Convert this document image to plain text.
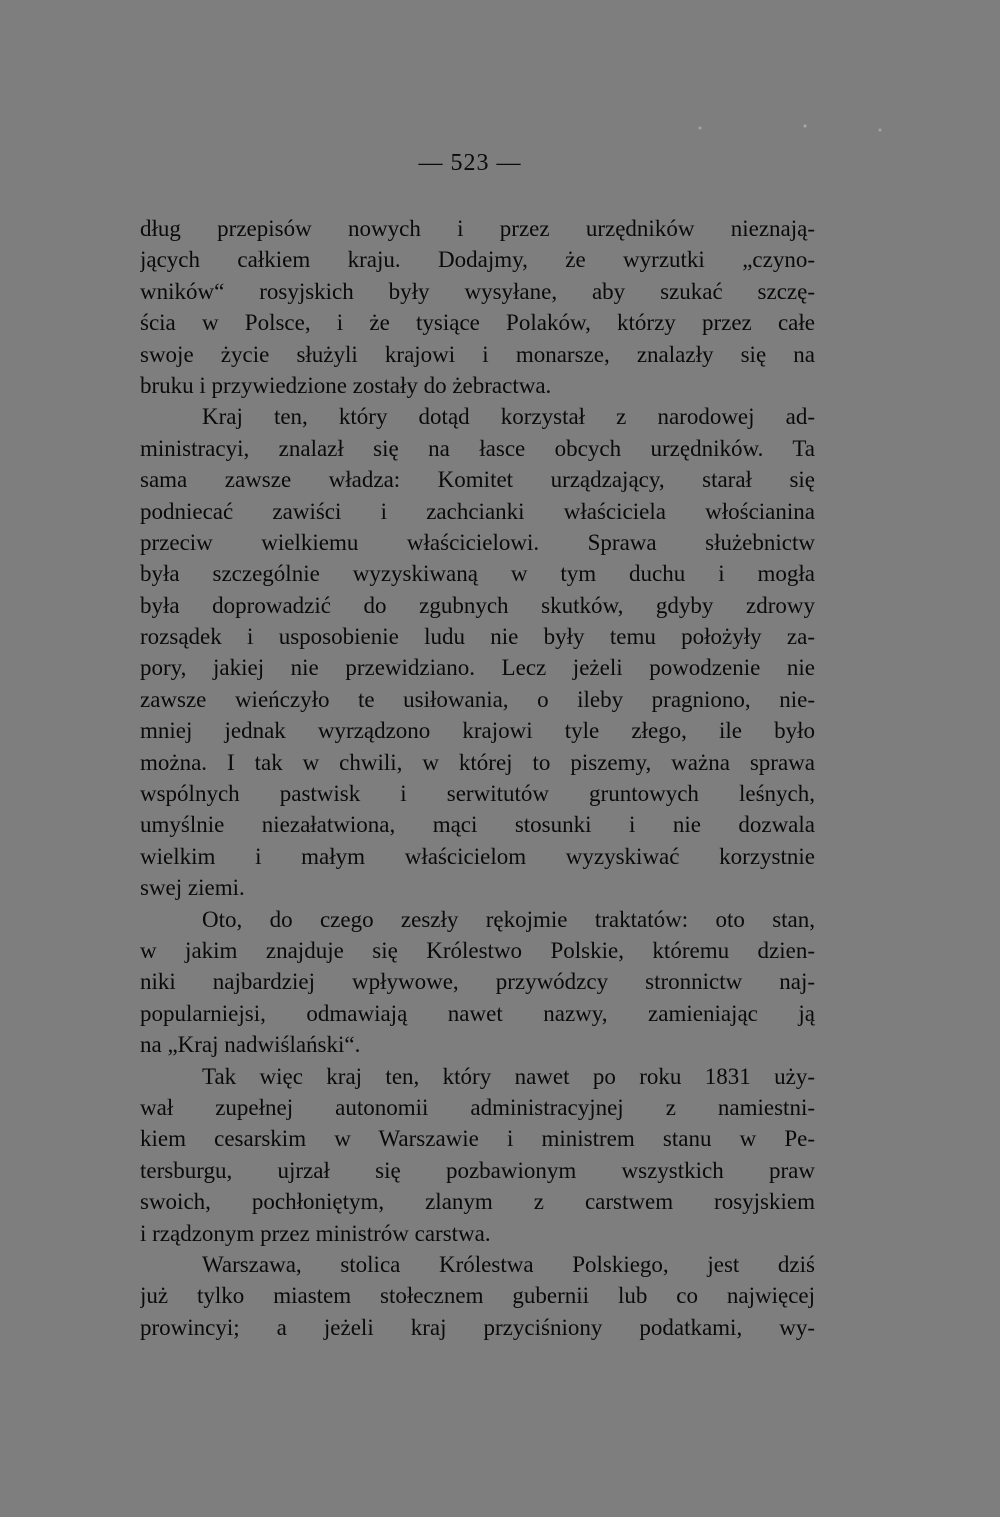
— 523 —
dług przepisów nowych i przez urzędników nieznają-
jących całkiem kraju. Dodajmy, że wyrzutki „czyno-
wników“ rosyjskich były wysyłane, aby szukać szczę-
ścia w Polsce, i że tysiące Polaków, którzy przez całe
swoje życie służyli krajowi i monarsze, znalazły się na
bruku i przywiedzione zostały do żebractwa.
Kraj ten, który dotąd korzystał z narodowej ad-
ministracyi, znalazł się na łasce obcych urzędników. Ta
sama zawsze władza: Komitet urządzający, starał się
podniecać zawiści i zachcianki właściciela włościanina
przeciw wielkiemu właścicielowi. Sprawa służebnictw
była szczególnie wyzyskiwaną w tym duchu i mogła
była doprowadzić do zgubnych skutków, gdyby zdrowy
rozsądek i usposobienie ludu nie były temu położyły za-
pory, jakiej nie przewidziano. Lecz jeżeli powodzenie nie
zawsze wieńczyło te usiłowania, o ileby pragniono, nie-
mniej jednak wyrządzono krajowi tyle złego, ile było
można. I tak w chwili, w której to piszemy, ważna sprawa
wspólnych pastwisk i serwitutów gruntowych leśnych,
umyślnie niezałatwiona, mąci stosunki i nie dozwala
wielkim i małym właścicielom wyzyskiwać korzystnie
swej ziemi.
Oto, do czego zeszły rękojmie traktatów: oto stan,
w jakim znajduje się Królestwo Polskie, któremu dzien-
niki najbardziej wpływowe, przywódzcy stronnictw naj-
popularniejsi, odmawiają nawet nazwy, zamieniając ją
na „Kraj nadwiślański“.
Tak więc kraj ten, który nawet po roku 1831 uży-
wał zupełnej autonomii administracyjnej z namiestni-
kiem cesarskim w Warszawie i ministrem stanu w Pe-
tersburgu, ujrzał się pozbawionym wszystkich praw
swoich, pochłoniętym, zlanym z carstwem rosyjskiem
i rządzonym przez ministrów carstwa.
Warszawa, stolica Królestwa Polskiego, jest dziś
już tylko miastem stołecznem gubernii lub co najwięcej
prowincyi; a jeżeli kraj przyciśniony podatkami, wy-
